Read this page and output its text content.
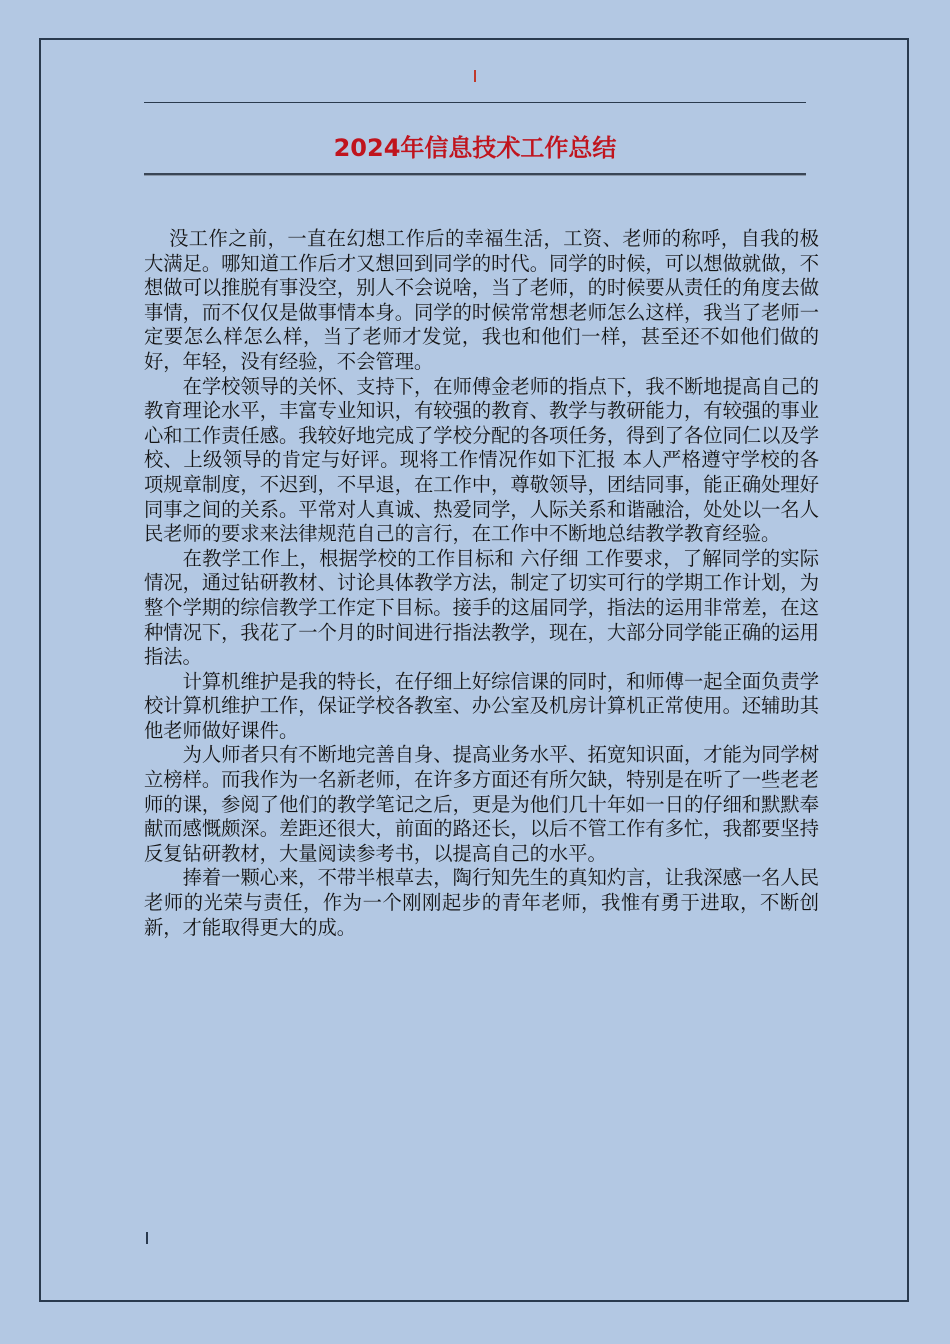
2024年信息技术工作总结

没工作之前，一直在幻想工作后的幸福生活，工资、老师的称呼，自我的极大满足。哪知道工作后才又想回到同学的时代。同学的时候，可以想做就做，不想做可以推脱有事没空，别人不会说啥，当了老师，的时候要从责任的角度去做事情，而不仅仅是做事情本身。同学的时候常常想老师怎么这样，我当了老师一定要怎么样怎么样，当了老师才发觉，我也和他们一样，甚至还不如他们做的好，年轻，没有经验，不会管理。

在学校领导的关怀、支持下，在师傅金老师的指点下，我不断地提高自己的教育理论水平，丰富专业知识，有较强的教育、教学与教研能力，有较强的事业心和工作责任感。我较好地完成了学校分配的各项任务，得到了各位同仁以及学校、上级领导的肯定与好评。现将工作情况作如下汇报 本人严格遵守学校的各项规章制度，不迟到，不早退，在工作中，尊敬领导，团结同事，能正确处理好同事之间的关系。平常对人真诚、热爱同学，人际关系和谐融洽，处处以一名人民老师的要求来法律规范自己的言行，在工作中不断地总结教学教育经验。

在教学工作上，根据学校的工作目标和 六仔细 工作要求，了解同学的实际情况，通过钻研教材、讨论具体教学方法，制定了切实可行的学期工作计划，为整个学期的综信教学工作定下目标。接手的这届同学，指法的运用非常差，在这种情况下，我花了一个月的时间进行指法教学，现在，大部分同学能正确的运用指法。

计算机维护是我的特长，在仔细上好综信课的同时，和师傅一起全面负责学校计算机维护工作，保证学校各教室、办公室及机房计算机正常使用。还辅助其他老师做好课件。

为人师者只有不断地完善自身、提高业务水平、拓宽知识面，才能为同学树立榜样。而我作为一名新老师，在许多方面还有所欠缺，特别是在听了一些老老师的课，参阅了他们的教学笔记之后，更是为他们几十年如一日的仔细和默默奉献而感慨颇深。差距还很大，前面的路还长，以后不管工作有多忙，我都要坚持反复钻研教材，大量阅读参考书，以提高自己的水平。

捧着一颗心来，不带半根草去，陶行知先生的真知灼言，让我深感一名人民老师的光荣与责任，作为一个刚刚起步的青年老师，我惟有勇于进取，不断创新，才能取得更大的成。
